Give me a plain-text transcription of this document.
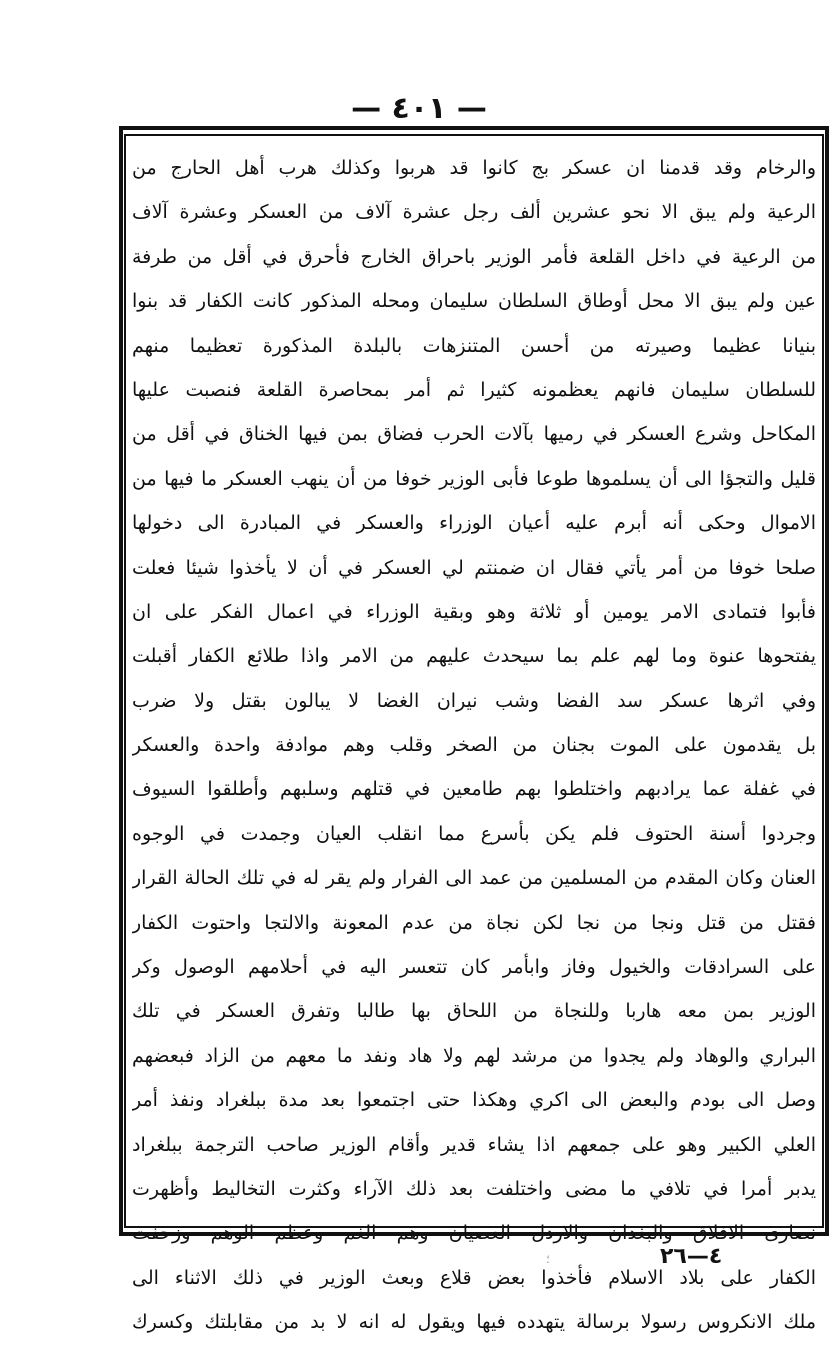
— ٤٠١ —
والرخام وقد قدمنا ان عسكر بج كانوا قد هربوا وكذلك هرب أهل الحارج من
الرعية ولم يبق الا نحو عشرين ألف رجل عشرة آلاف من العسكر وعشرة آلاف
من الرعية في داخل القلعة فأمر الوزير باحراق الخارج فأحرق في أقل من طرفة
عين ولم يبق الا محل أوطاق السلطان سليمان ومحله المذكور كانت الكفار قد بنوا
بنيانا عظيما وصيرته من أحسن المتنزهات بالبلدة المذكورة تعظيما منهم
للسلطان سليمان فانهم يعظمونه كثيرا ثم أمر بمحاصرة القلعة فنصبت عليها
المكاحل وشرع العسكر في رميها بآلات الحرب فضاق بمن فيها الخناق في أقل من
قليل والتجؤا الى أن يسلموها طوعا فأبى الوزير خوفا من أن ينهب العسكر ما فيها من
الاموال وحكى أنه أبرم عليه أعيان الوزراء والعسكر في المبادرة الى دخولها
صلحا خوفا من أمر يأتي فقال ان ضمنتم لي العسكر في أن لا يأخذوا شيئا فعلت
فأبوا فتمادى الامر يومين أو ثلاثة وهو وبقية الوزراء في اعمال الفكر على ان
يفتحوها عنوة وما لهم علم بما سيحدث عليهم من الامر واذا طلائع الكفار أقبلت
وفي اثرها عسكر سد الفضا وشب نيران الغضا لا يبالون بقتل ولا ضرب
بل يقدمون على الموت بجنان من الصخر وقلب وهم موادفة واحدة والعسكر
في غفلة عما يرادبهم واختلطوا بهم طامعين في قتلهم وسلبهم وأطلقوا السيوف
وجردوا أسنة الحتوف فلم يكن بأسرع مما انقلب العيان وجمدت في الوجوه
العنان وكان المقدم من المسلمين من عمد الى الفرار ولم يقر له في تلك الحالة القرار
فقتل من قتل ونجا من نجا لكن نجاة من عدم المعونة والالتجا واحتوت الكفار
على السرادقات والخيول وفاز وابأمر كان تتعسر اليه في أحلامهم الوصول وكر
الوزير بمن معه هاربا وللنجاة من اللحاق بها طالبا وتفرق العسكر في تلك
البراري والوهاد ولم يجدوا من مرشد لهم ولا هاد ونفد ما معهم من الزاد فبعضهم
وصل الى بودم والبعض الى اكري وهكذا حتى اجتمعوا بعد مدة ببلغراد ونفذ أمر
العلي الكبير وهو على جمعهم اذا يشاء قدير وأقام الوزير صاحب الترجمة ببلغراد
يدبر أمرا في تلافي ما مضى واختلفت بعد ذلك الآراء وكثرت التخاليط وأظهرت
نصارى الافلاق والبغدان والاردل العصيان وهم الغم وعظم الوهم وزحفت
الكفار على بلاد الاسلام فأخذوا بعض قلاع وبعث الوزير في ذلك الاثناء الى
ملك الانكروس رسولا برسالة يتهدده فيها ويقول له انه لا بد من مقابلتك وكسرك
؛	٤—٢٦
